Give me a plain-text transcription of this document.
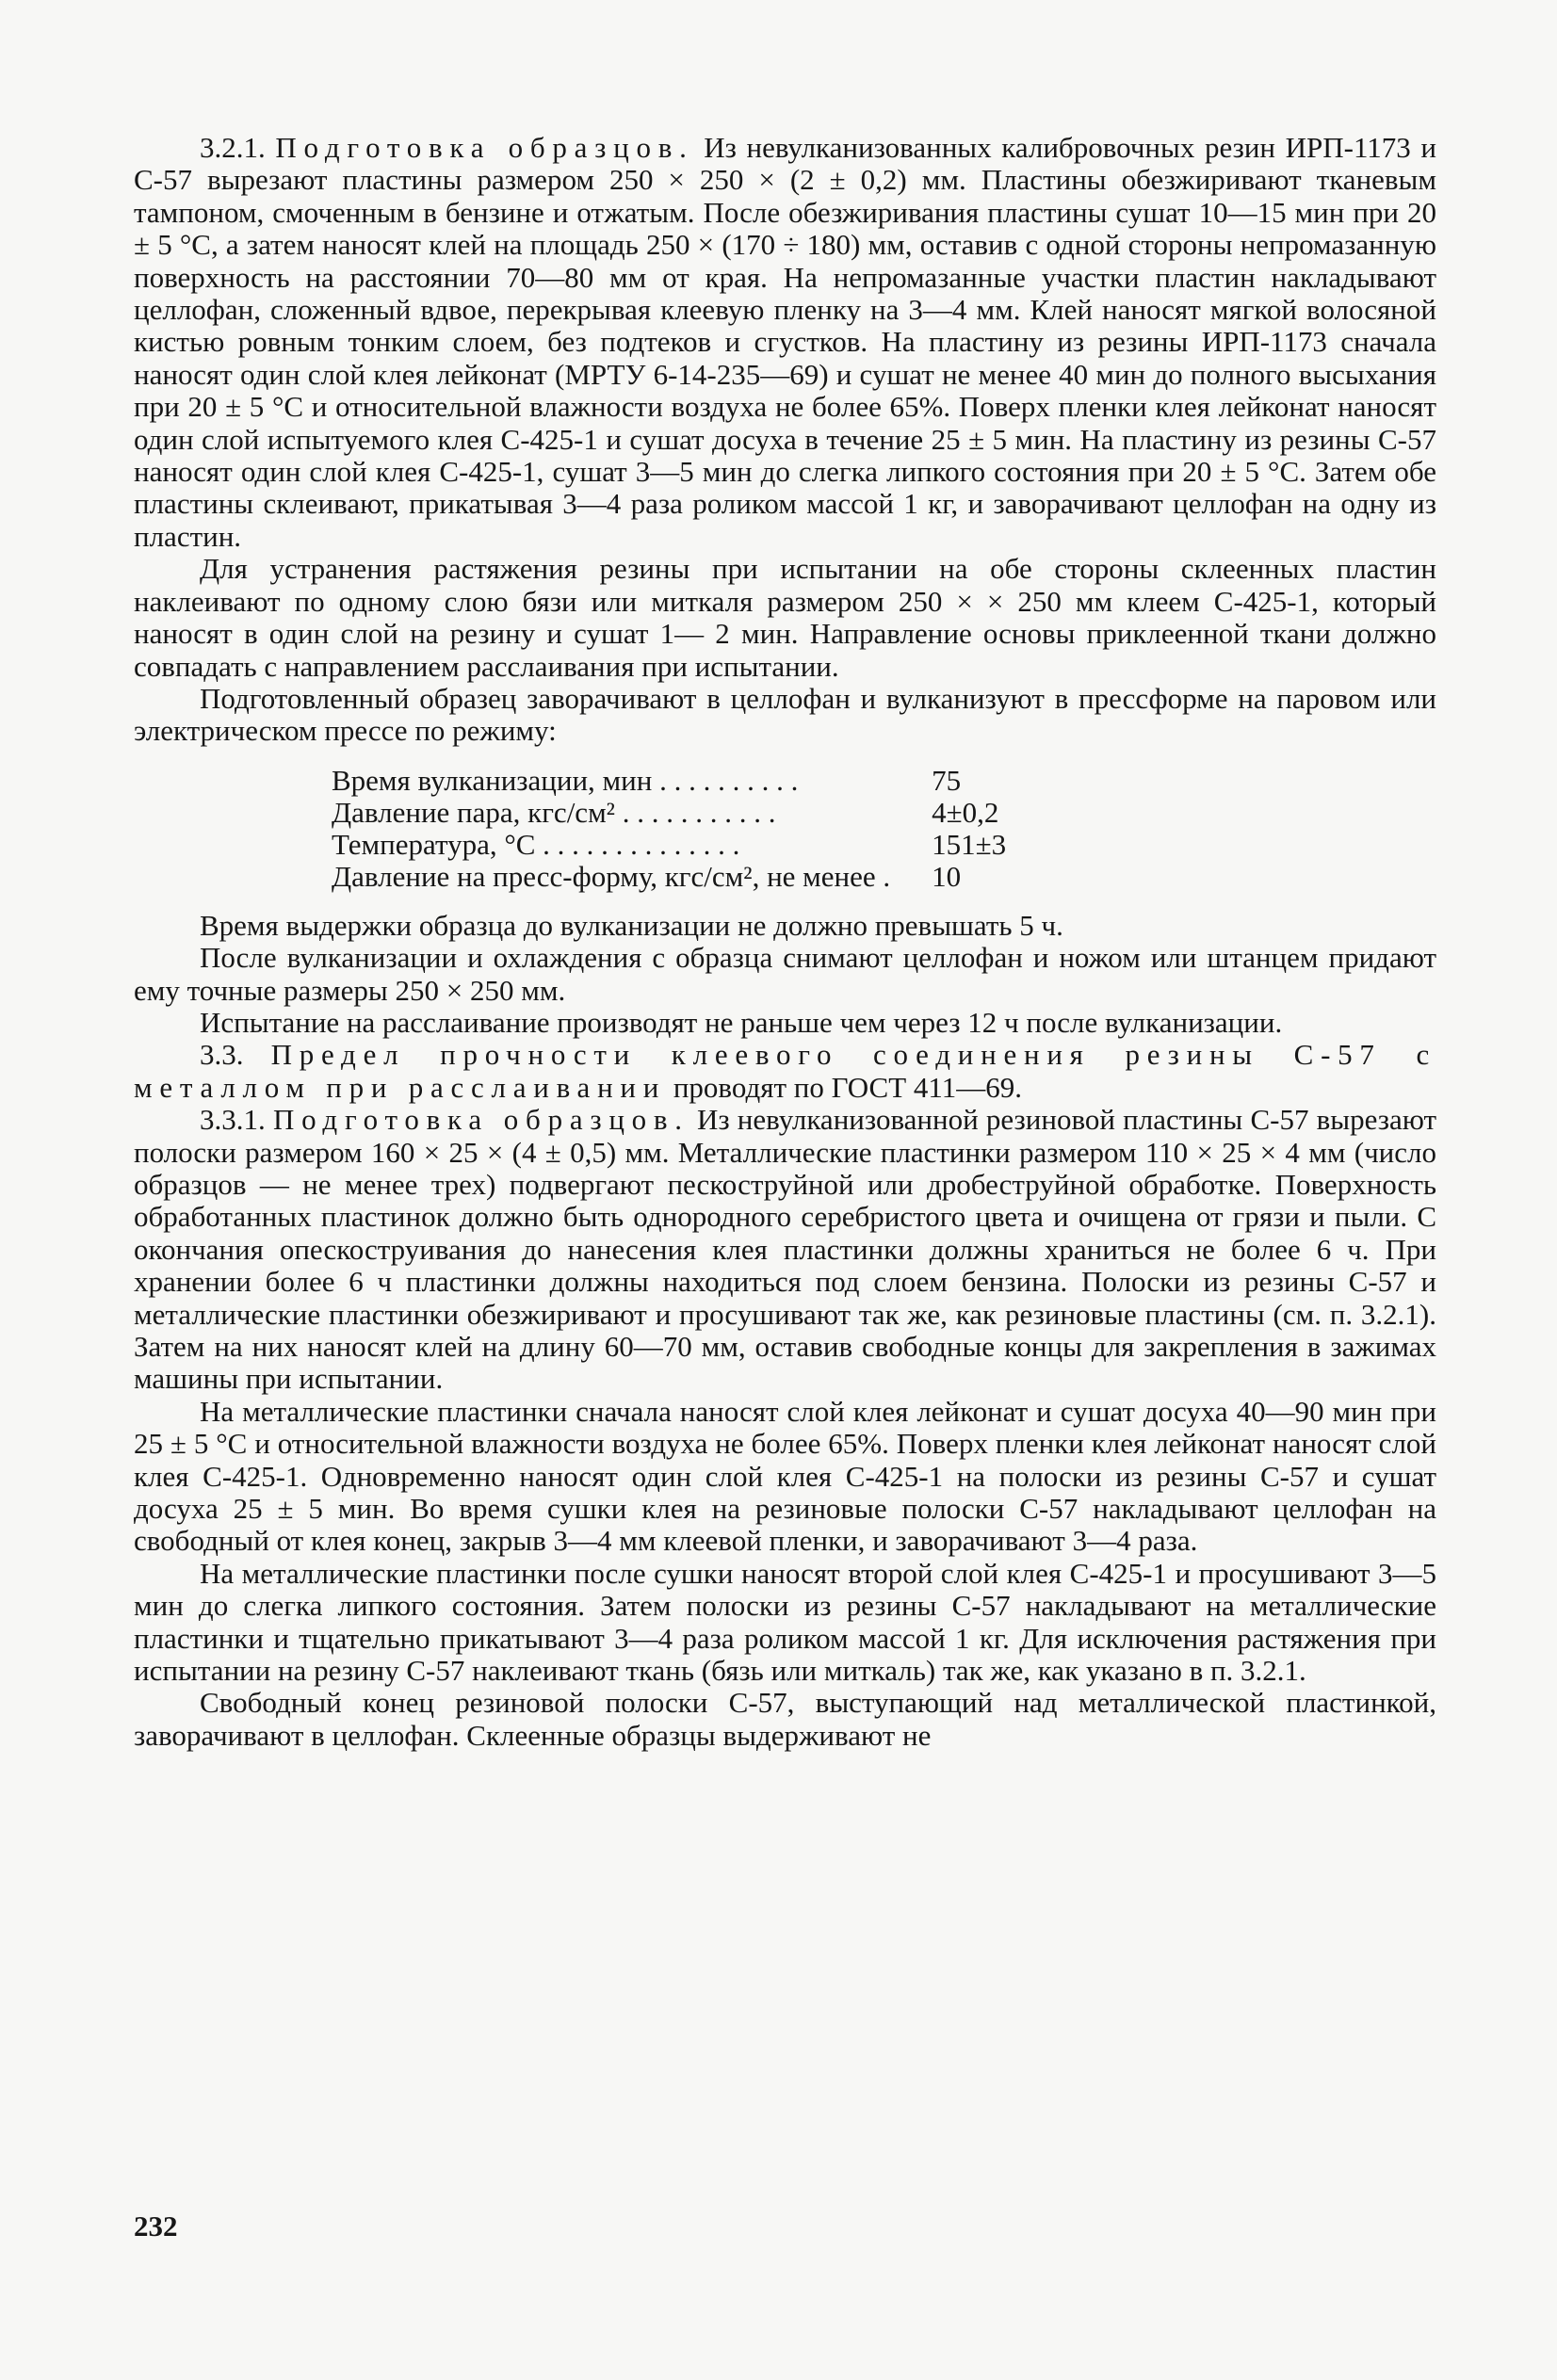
3.2.1. Подготовка образцов. Из невулканизованных калибровочных резин ИРП-1173 и С-57 вырезают пластины размером 250 × 250 × (2 ± 0,2) мм. Пластины обезжиривают тканевым тампоном, смоченным в бензине и отжатым. После обезжиривания пластины сушат 10—15 мин при 20 ± 5 °С, а затем наносят клей на площадь 250 × (170 ÷ 180) мм, оставив с одной стороны непромазанную поверхность на расстоянии 70—80 мм от края. На непромазанные участки пластин накладывают целлофан, сложенный вдвое, перекрывая клеевую пленку на 3—4 мм. Клей наносят мягкой волосяной кистью ровным тонким слоем, без подтеков и сгустков. На пластину из резины ИРП-1173 сначала наносят один слой клея лейконат (МРТУ 6-14-235—69) и сушат не менее 40 мин до полного высыхания при 20 ± 5 °С и относительной влажности воздуха не более 65%. Поверх пленки клея лейконат наносят один слой испытуемого клея С-425-1 и сушат досуха в течение 25 ± 5 мин. На пластину из резины С-57 наносят один слой клея С-425-1, сушат 3—5 мин до слегка липкого состояния при 20 ± 5 °С. Затем обе пластины склеивают, прикатывая 3—4 раза роликом массой 1 кг, и заворачивают целлофан на одну из пластин.

Для устранения растяжения резины при испытании на обе стороны склеенных пластин наклеивают по одному слою бязи или миткаля размером 250 × × 250 мм клеем С-425-1, который наносят в один слой на резину и сушат 1— 2 мин. Направление основы приклеенной ткани должно совпадать с направлением расслаивания при испытании.

Подготовленный образец заворачивают в целлофан и вулканизуют в прессформе на паровом или электрическом прессе по режиму:

Время вулканизации, мин . . . . . . . . . .	75
Давление пара, кгс/см² . . . . . . . . . . .	4±0,2
Температура, °С . . . . . . . . . . . . . .	151±3
Давление на пресс-форму, кгс/см², не менее .	10

Время выдержки образца до вулканизации не должно превышать 5 ч.

После вулканизации и охлаждения с образца снимают целлофан и ножом или штанцем придают ему точные размеры 250 × 250 мм.

Испытание на расслаивание производят не раньше чем через 12 ч после вулканизации.

3.3. Предел прочности клеевого соединения резины С-57 с металлом при расслаивании проводят по ГОСТ 411—69.

3.3.1. Подготовка образцов. Из невулканизованной резиновой пластины С-57 вырезают полоски размером 160 × 25 × (4 ± 0,5) мм. Металлические пластинки размером 110 × 25 × 4 мм (число образцов — не менее трех) подвергают пескоструйной или дробеструйной обработке. Поверхность обработанных пластинок должно быть однородного серебристого цвета и очищена от грязи и пыли. С окончания опескоструивания до нанесения клея пластинки должны храниться не более 6 ч. При хранении более 6 ч пластинки должны находиться под слоем бензина. Полоски из резины С-57 и металлические пластинки обезжиривают и просушивают так же, как резиновые пластины (см. п. 3.2.1). Затем на них наносят клей на длину 60—70 мм, оставив свободные концы для закрепления в зажимах машины при испытании.

На металлические пластинки сначала наносят слой клея лейконат и сушат досуха 40—90 мин при 25 ± 5 °С и относительной влажности воздуха не более 65%. Поверх пленки клея лейконат наносят слой клея С-425-1. Одновременно наносят один слой клея С-425-1 на полоски из резины С-57 и сушат досуха 25 ± 5 мин. Во время сушки клея на резиновые полоски С-57 накладывают целлофан на свободный от клея конец, закрыв 3—4 мм клеевой пленки, и заворачивают 3—4 раза.

На металлические пластинки после сушки наносят второй слой клея С-425-1 и просушивают 3—5 мин до слегка липкого состояния. Затем полоски из резины С-57 накладывают на металлические пластинки и тщательно прикатывают 3—4 раза роликом массой 1 кг. Для исключения растяжения при испытании на резину С-57 наклеивают ткань (бязь или миткаль) так же, как указано в п. 3.2.1.

Свободный конец резиновой полоски С-57, выступающий над металлической пластинкой, заворачивают в целлофан. Склеенные образцы выдерживают не

232
